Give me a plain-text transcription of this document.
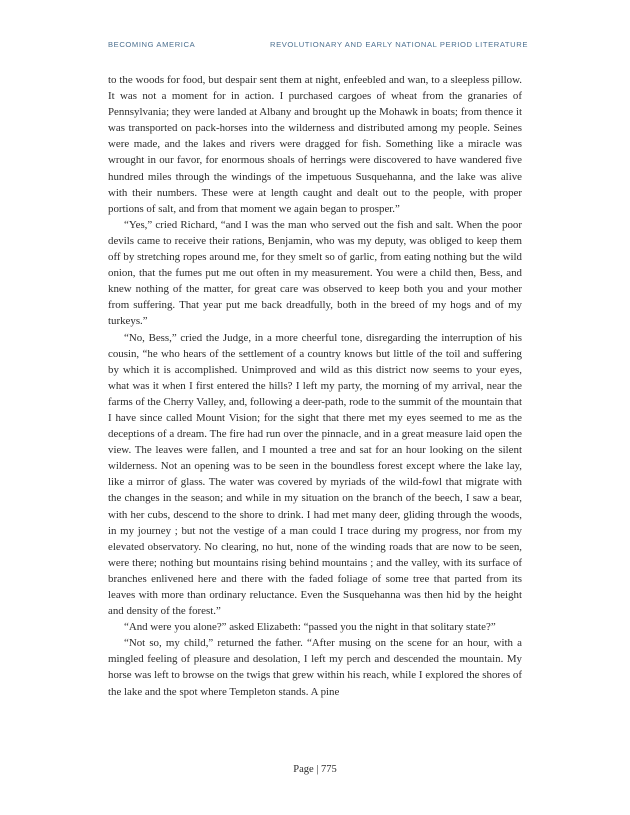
BECOMING AMERICA	REVOLUTIONARY AND EARLY NATIONAL PERIOD LITERATURE

to the woods for food, but despair sent them at night, enfeebled and wan, to a sleepless pillow. It was not a moment for in action. I purchased cargoes of wheat from the granaries of Pennsylvania; they were landed at Albany and brought up the Mohawk in boats; from thence it was transported on pack-horses into the wilderness and distributed among my people. Seines were made, and the lakes and rivers were dragged for fish. Something like a miracle was wrought in our favor, for enormous shoals of herrings were discovered to have wandered five hundred miles through the windings of the impetuous Susquehanna, and the lake was alive with their numbers. These were at length caught and dealt out to the people, with proper portions of salt, and from that moment we again began to prosper.”

“Yes,” cried Richard, “and I was the man who served out the fish and salt. When the poor devils came to receive their rations, Benjamin, who was my deputy, was obliged to keep them off by stretching ropes around me, for they smelt so of garlic, from eating nothing but the wild onion, that the fumes put me out often in my measurement. You were a child then, Bess, and knew nothing of the matter, for great care was observed to keep both you and your mother from suffering. That year put me back dreadfully, both in the breed of my hogs and of my turkeys.”

“No, Bess,” cried the Judge, in a more cheerful tone, disregarding the interruption of his cousin, “he who hears of the settlement of a country knows but little of the toil and suffering by which it is accomplished. Unimproved and wild as this district now seems to your eyes, what was it when I first entered the hills? I left my party, the morning of my arrival, near the farms of the Cherry Valley, and, following a deer-path, rode to the summit of the mountain that I have since called Mount Vision; for the sight that there met my eyes seemed to me as the deceptions of a dream. The fire had run over the pinnacle, and in a great measure laid open the view. The leaves were fallen, and I mounted a tree and sat for an hour looking on the silent wilderness. Not an opening was to be seen in the boundless forest except where the lake lay, like a mirror of glass. The water was covered by myriads of the wild-fowl that migrate with the changes in the season; and while in my situation on the branch of the beech, I saw a bear, with her cubs, descend to the shore to drink. I had met many deer, gliding through the woods, in my journey ; but not the vestige of a man could I trace during my progress, nor from my elevated observatory. No clearing, no hut, none of the winding roads that are now to be seen, were there; nothing but mountains rising behind mountains ; and the valley, with its surface of branches enlivened here and there with the faded foliage of some tree that parted from its leaves with more than ordinary reluctance. Even the Susquehanna was then hid by the height and density of the forest.”

“And were you alone?” asked Elizabeth: “passed you the night in that solitary state?”

“Not so, my child,” returned the father. “After musing on the scene for an hour, with a mingled feeling of pleasure and desolation, I left my perch and descended the mountain. My horse was left to browse on the twigs that grew within his reach, while I explored the shores of the lake and the spot where Templeton stands. A pine

Page | 775
